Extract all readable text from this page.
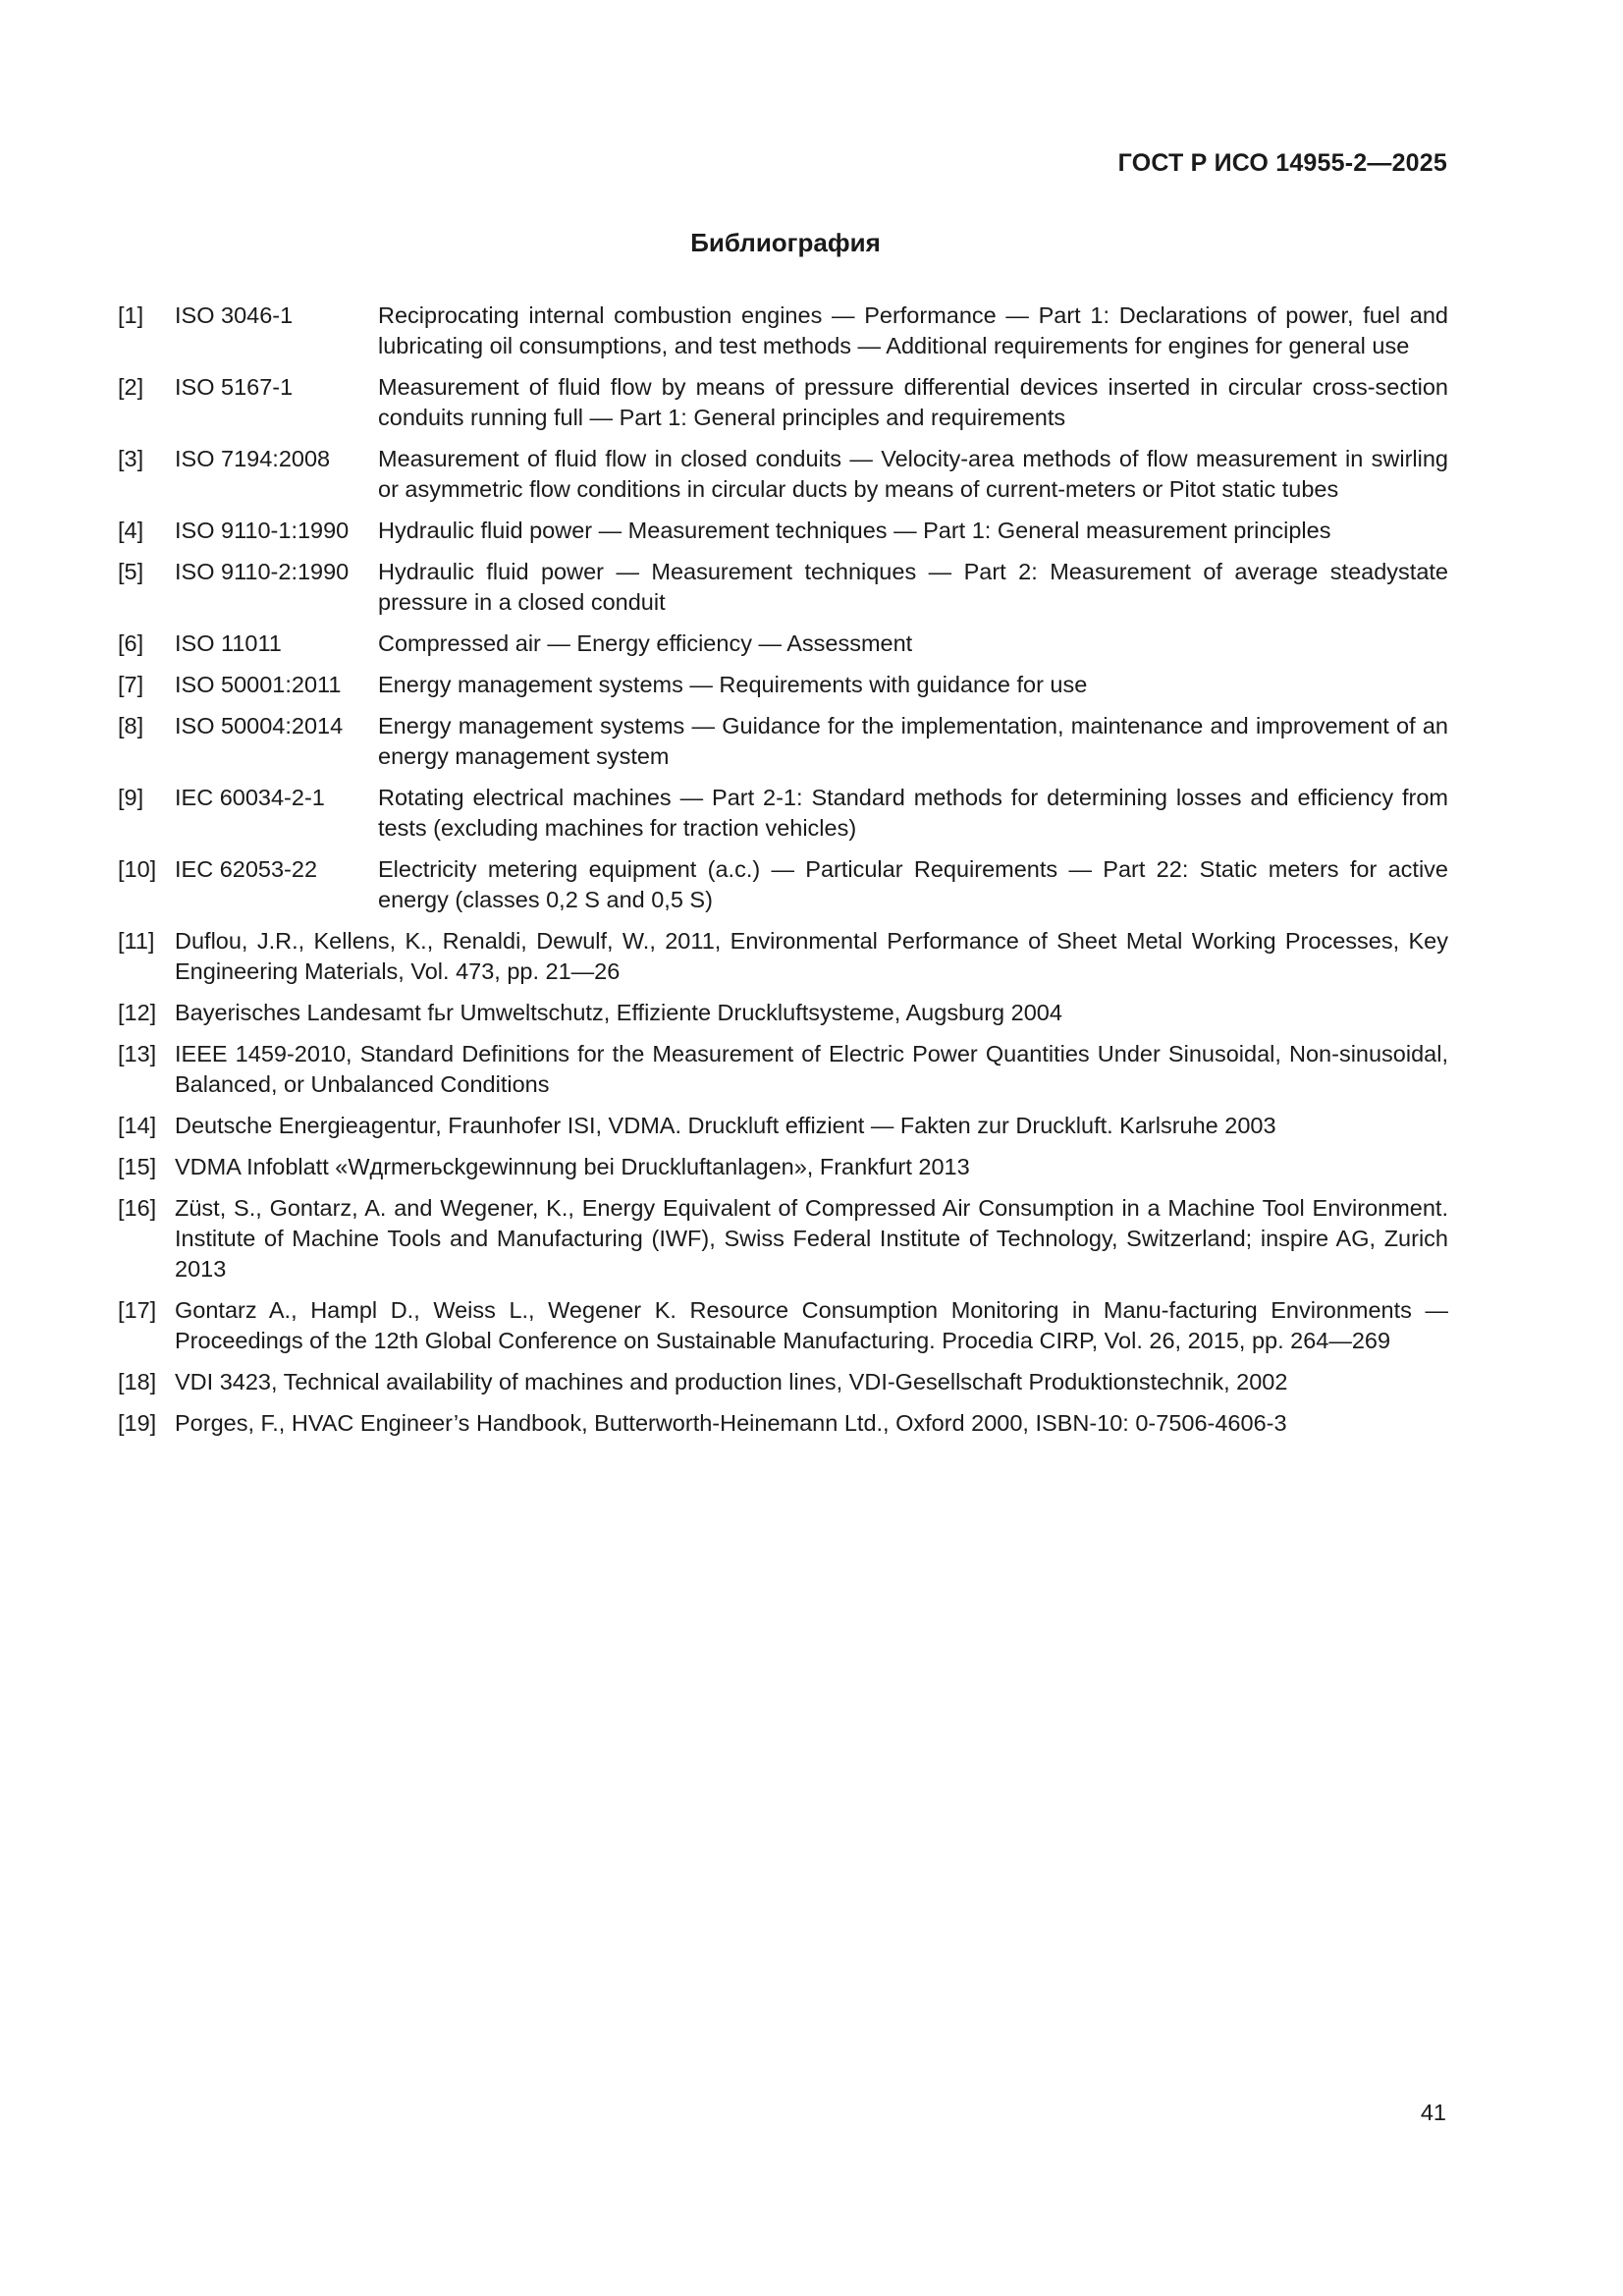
ГОСТ Р ИСО 14955-2—2025
Библиография
[1] ISO 3046-1	Reciprocating internal combustion engines — Performance — Part 1: Declarations of power, fuel and lubricating oil consumptions, and test methods — Additional requirements for engines for general use
[2] ISO 5167-1	Measurement of fluid flow by means of pressure differential devices inserted in circular cross-section conduits running full — Part 1: General principles and requirements
[3] ISO 7194:2008 Measurement of fluid flow in closed conduits — Velocity-area methods of flow measurement in swirling or asymmetric flow conditions in circular ducts by means of current-meters or Pitot static tubes
[4] ISO 9110-1:1990 Hydraulic fluid power — Measurement techniques — Part 1: General measurement principles
[5] ISO 9110-2:1990 Hydraulic fluid power — Measurement techniques — Part 2: Measurement of average steadystate pressure in a closed conduit
[6] ISO 11011	Compressed air — Energy efficiency — Assessment
[7] ISO 50001:2011 Energy management systems — Requirements with guidance for use
[8] ISO 50004:2014 Energy management systems — Guidance for the implementation, maintenance and improvement of an energy management system
[9] IEC 60034-2-1 Rotating electrical machines — Part 2-1: Standard methods for determining losses and efficiency from tests (excluding machines for traction vehicles)
[10] IEC 62053-22	Electricity metering equipment (a.c.) — Particular Requirements — Part 22: Static meters for active energy (classes 0,2 S and 0,5 S)
[11] Duflou, J.R., Kellens, K., Renaldi, Dewulf, W., 2011, Environmental Performance of Sheet Metal Working Processes, Key Engineering Materials, Vol. 473, pp. 21—26
[12] Bayerisches Landesamt fьr Umweltschutz, Effiziente Druckluftsysteme, Augsburg 2004
[13] IEEE 1459-2010, Standard Definitions for the Measurement of Electric Power Quantities Under Sinusoidal, Non-sinusoidal, Balanced, or Unbalanced Conditions
[14] Deutsche Energieagentur, Fraunhofer ISI, VDMA. Druckluft effizient — Fakten zur Druckluft. Karlsruhe 2003
[15] VDMA Infoblatt «Wдrmerьckgewinnung bei Druckluftanlagen», Frankfurt 2013
[16] Züst, S., Gontarz, A. and Wegener, K., Energy Equivalent of Compressed Air Consumption in a Machine Tool Environment. Institute of Machine Tools and Manufacturing (IWF), Swiss Federal Institute of Technology, Switzerland; inspire AG, Zurich 2013
[17] Gontarz A., Hampl D., Weiss L., Wegener K. Resource Consumption Monitoring in Manu-facturing Environments — Proceedings of the 12th Global Conference on Sustainable Manufacturing. Procedia CIRP, Vol. 26, 2015, pp. 264—269
[18] VDI 3423, Technical availability of machines and production lines, VDI-Gesellschaft Produktionstechnik, 2002
[19] Porges, F., HVAC Engineer’s Handbook, Butterworth-Heinemann Ltd., Oxford 2000, ISBN-10: 0-7506-4606-3
41
